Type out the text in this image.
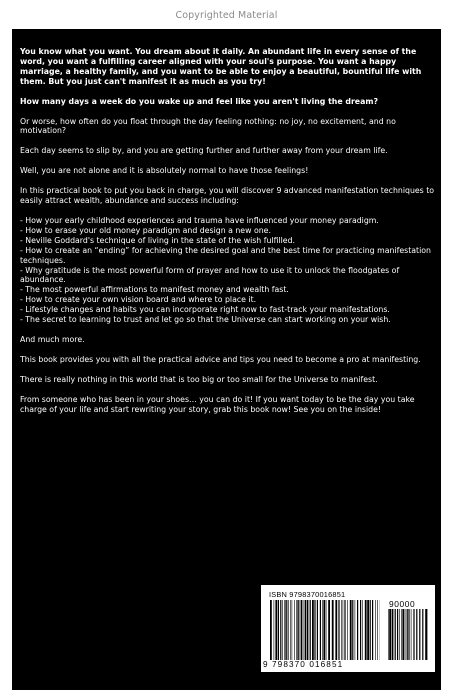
Copyrighted Material

You know what you want. You dream about it daily. An abundant life in every sense of the word, you want a fulfilling career aligned with your soul's purpose. You want a happy marriage, a healthy family, and you want to be able to enjoy a beautiful, bountiful life with them. But you just can't manifest it as much as you try!

How many days a week do you wake up and feel like you aren't living the dream?

Or worse, how often do you float through the day feeling nothing: no joy, no excitement, and no motivation?

Each day seems to slip by, and you are getting further and further away from your dream life.

Well, you are not alone and it is absolutely normal to have those feelings!

In this practical book to put you back in charge, you will discover 9 advanced manifestation techniques to easily attract wealth, abundance and success including:

- How your early childhood experiences and trauma have influenced your money paradigm.
- How to erase your old money paradigm and design a new one.
- Neville Goddard's technique of living in the state of the wish fulfilled.
- How to create an “ending” for achieving the desired goal and the best time for practicing manifestation techniques.
- Why gratitude is the most powerful form of prayer and how to use it to unlock the floodgates of abundance.
- The most powerful affirmations to manifest money and wealth fast.
- How to create your own vision board and where to place it.
- Lifestyle changes and habits you can incorporate right now to fast-track your manifestations.
- The secret to learning to trust and let go so that the Universe can start working on your wish.

And much more.

This book provides you with all the practical advice and tips you need to become a pro at manifesting.

There is really nothing in this world that is too big or too small for the Universe to manifest.

From someone who has been in your shoes… you can do it! If you want today to be the day you take charge of your life and start rewriting your story, grab this book now! See you on the inside!

ISBN 9798370016851
90000
9 798370 016851
